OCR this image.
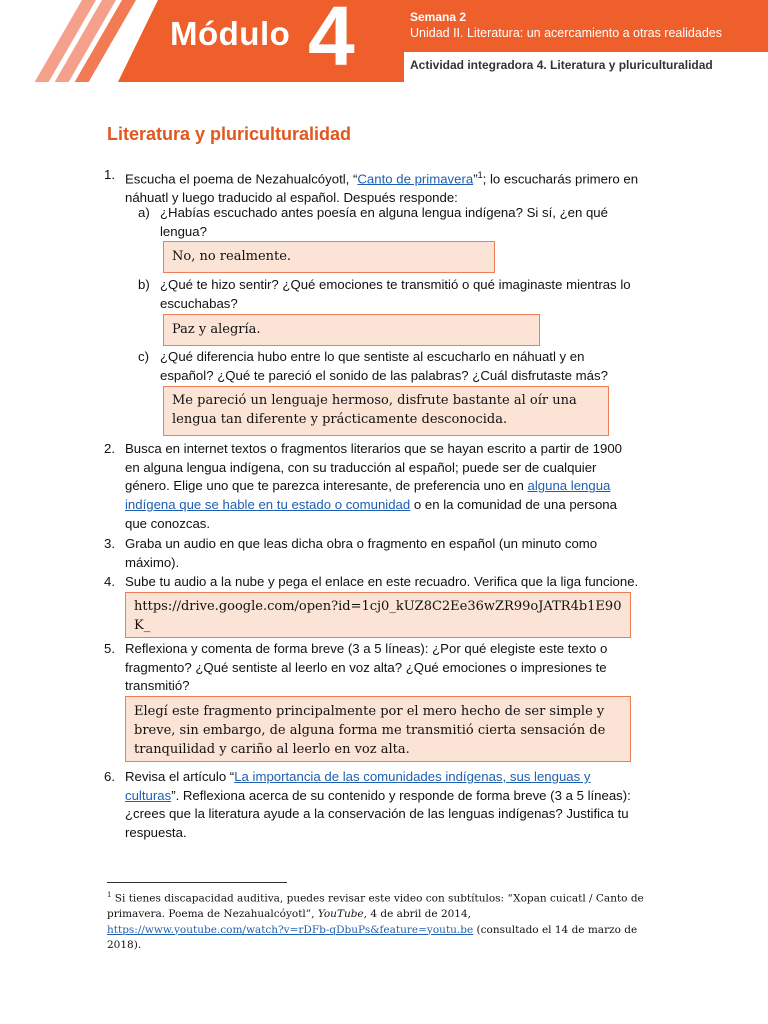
Módulo 4	Semana 2
Unidad II. Literatura: un acercamiento a otras realidades
Actividad integradora 4. Literatura y pluriculturalidad
Literatura y pluriculturalidad
1. Escucha el poema de Nezahualcóyotl, “Canto de primavera”$^1$; lo escucharás primero en
náhuatl y luego traducido al español. Después responde:
a) ¿Habías escuchado antes poesía en alguna lengua indígena? Si sí, ¿en qué
lengua?
No, no realmente.
b) ¿Qué te hizo sentir? ¿Qué emociones te transmitió o qué imaginaste mientras lo
escuchabas?
Paz y alegría.
c) ¿Qué diferencia hubo entre lo que sentiste al escucharlo en náhuatl y en
español? ¿Qué te pareció el sonido de las palabras? ¿Cuál disfrutaste más?
Me pareció un lenguaje hermoso, disfrute bastante al oír una
lengua tan diferente y prácticamente desconocida.
2. Busca en internet textos o fragmentos literarios que se hayan escrito a partir de 1900
en alguna lengua indígena, con su traducción al español; puede ser de cualquier
género. Elige uno que te parezca interesante, de preferencia uno en alguna lengua
indígena que se hable en tu estado o comunidad o en la comunidad de una persona
que conozcas.
3. Graba un audio en que leas dicha obra o fragmento en español (un minuto como
máximo).
4. Sube tu audio a la nube y pega el enlace en este recuadro. Verifica que la liga funcione.
https://drive.google.com/open?id=1cj0_kUZ8C2Ee36wZR99oJATR4b1E90
K_
5. Reflexiona y comenta de forma breve (3 a 5 líneas): ¿Por qué elegiste este texto o
fragmento? ¿Qué sentiste al leerlo en voz alta? ¿Qué emociones o impresiones te
transmitió?
Elegí este fragmento principalmente por el mero hecho de ser simple y
breve, sin embargo, de alguna forma me transmitió cierta sensación de
tranquilidad y cariño al leerlo en voz alta.
6. Revisa el artículo “La importancia de las comunidades indígenas, sus lenguas y
culturas”. Reflexiona acerca de su contenido y responde de forma breve (3 a 5 líneas):
¿crees que la literatura ayude a la conservación de las lenguas indígenas? Justifica tu
respuesta.
$^1$ Si tienes discapacidad auditiva, puedes revisar este video con subtítulos: “Xopan cuicatl / Canto de
primavera. Poema de Nezahualcóyotl”, YouTube, 4 de abril de 2014,
https://www.youtube.com/watch?v=rDFb-qDbuPs&feature=youtu.be (consultado el 14 de marzo de
2018).
